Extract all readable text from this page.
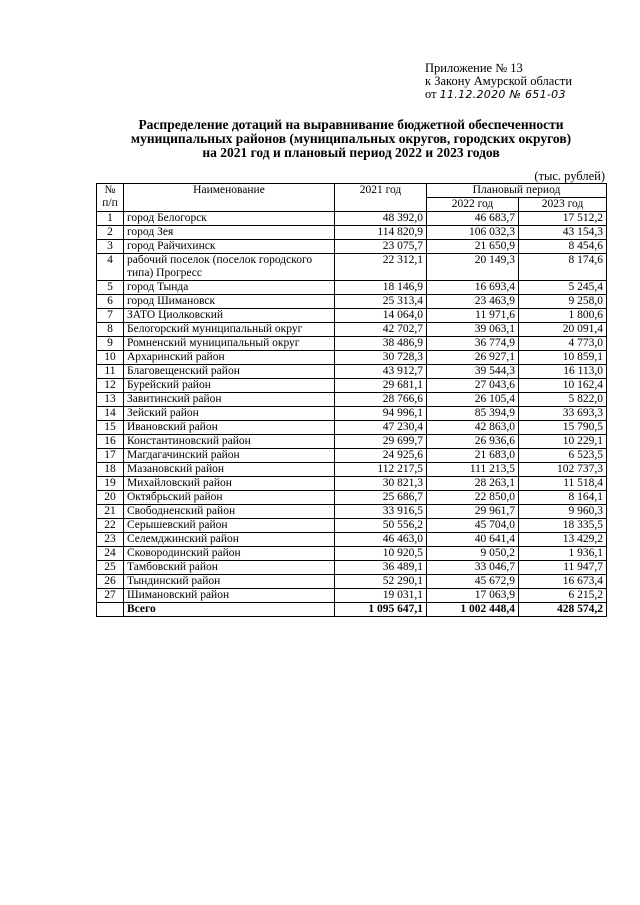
Приложение № 13
к Закону Амурской области
от 11.12.2020 № 651-03
Распределение дотаций на выравнивание бюджетной обеспеченности
муниципальных районов (муниципальных округов, городских округов)
на 2021 год и плановый период 2022 и 2023 годов
(тыс. рублей)
№
п/п	Наименование	2021 год	Плановый период	
			2022 год	2023 год
1	город Белогорск	48 392,0	46 683,7	17 512,2
2	город Зея	114 820,9	106 032,3	43 154,3
3	город Райчихинск	23 075,7	21 650,9	8 454,6
4	рабочий поселок (поселок городского типа) Прогресс	22 312,1	20 149,3	8 174,6
5	город Тында	18 146,9	16 693,4	5 245,4
6	город Шимановск	25 313,4	23 463,9	9 258,0
7	ЗАТО Циолковский	14 064,0	11 971,6	1 800,6
8	Белогорский муниципальный округ	42 702,7	39 063,1	20 091,4
9	Ромненский муниципальный округ	38 486,9	36 774,9	4 773,0
10	Архаринский район	30 728,3	26 927,1	10 859,1
11	Благовещенский район	43 912,7	39 544,3	16 113,0
12	Бурейский район	29 681,1	27 043,6	10 162,4
13	Завитинский район	28 766,6	26 105,4	5 822,0
14	Зейский район	94 996,1	85 394,9	33 693,3
15	Ивановский район	47 230,4	42 863,0	15 790,5
16	Константиновский район	29 699,7	26 936,6	10 229,1
17	Магдагачинский район	24 925,6	21 683,0	6 523,5
18	Мазановский район	112 217,5	111 213,5	102 737,3
19	Михайловский район	30 821,3	28 263,1	11 518,4
20	Октябрьский район	25 686,7	22 850,0	8 164,1
21	Свободненский район	33 916,5	29 961,7	9 960,3
22	Серышевский район	50 556,2	45 704,0	18 335,5
23	Селемджинский район	46 463,0	40 641,4	13 429,2
24	Сковородинский район	10 920,5	9 050,2	1 936,1
25	Тамбовский район	36 489,1	33 046,7	11 947,7
26	Тындинский район	52 290,1	45 672,9	16 673,4
27	Шимановский район	19 031,1	17 063,9	6 215,2
	Всего	1 095 647,1	1 002 448,4	428 574,2
